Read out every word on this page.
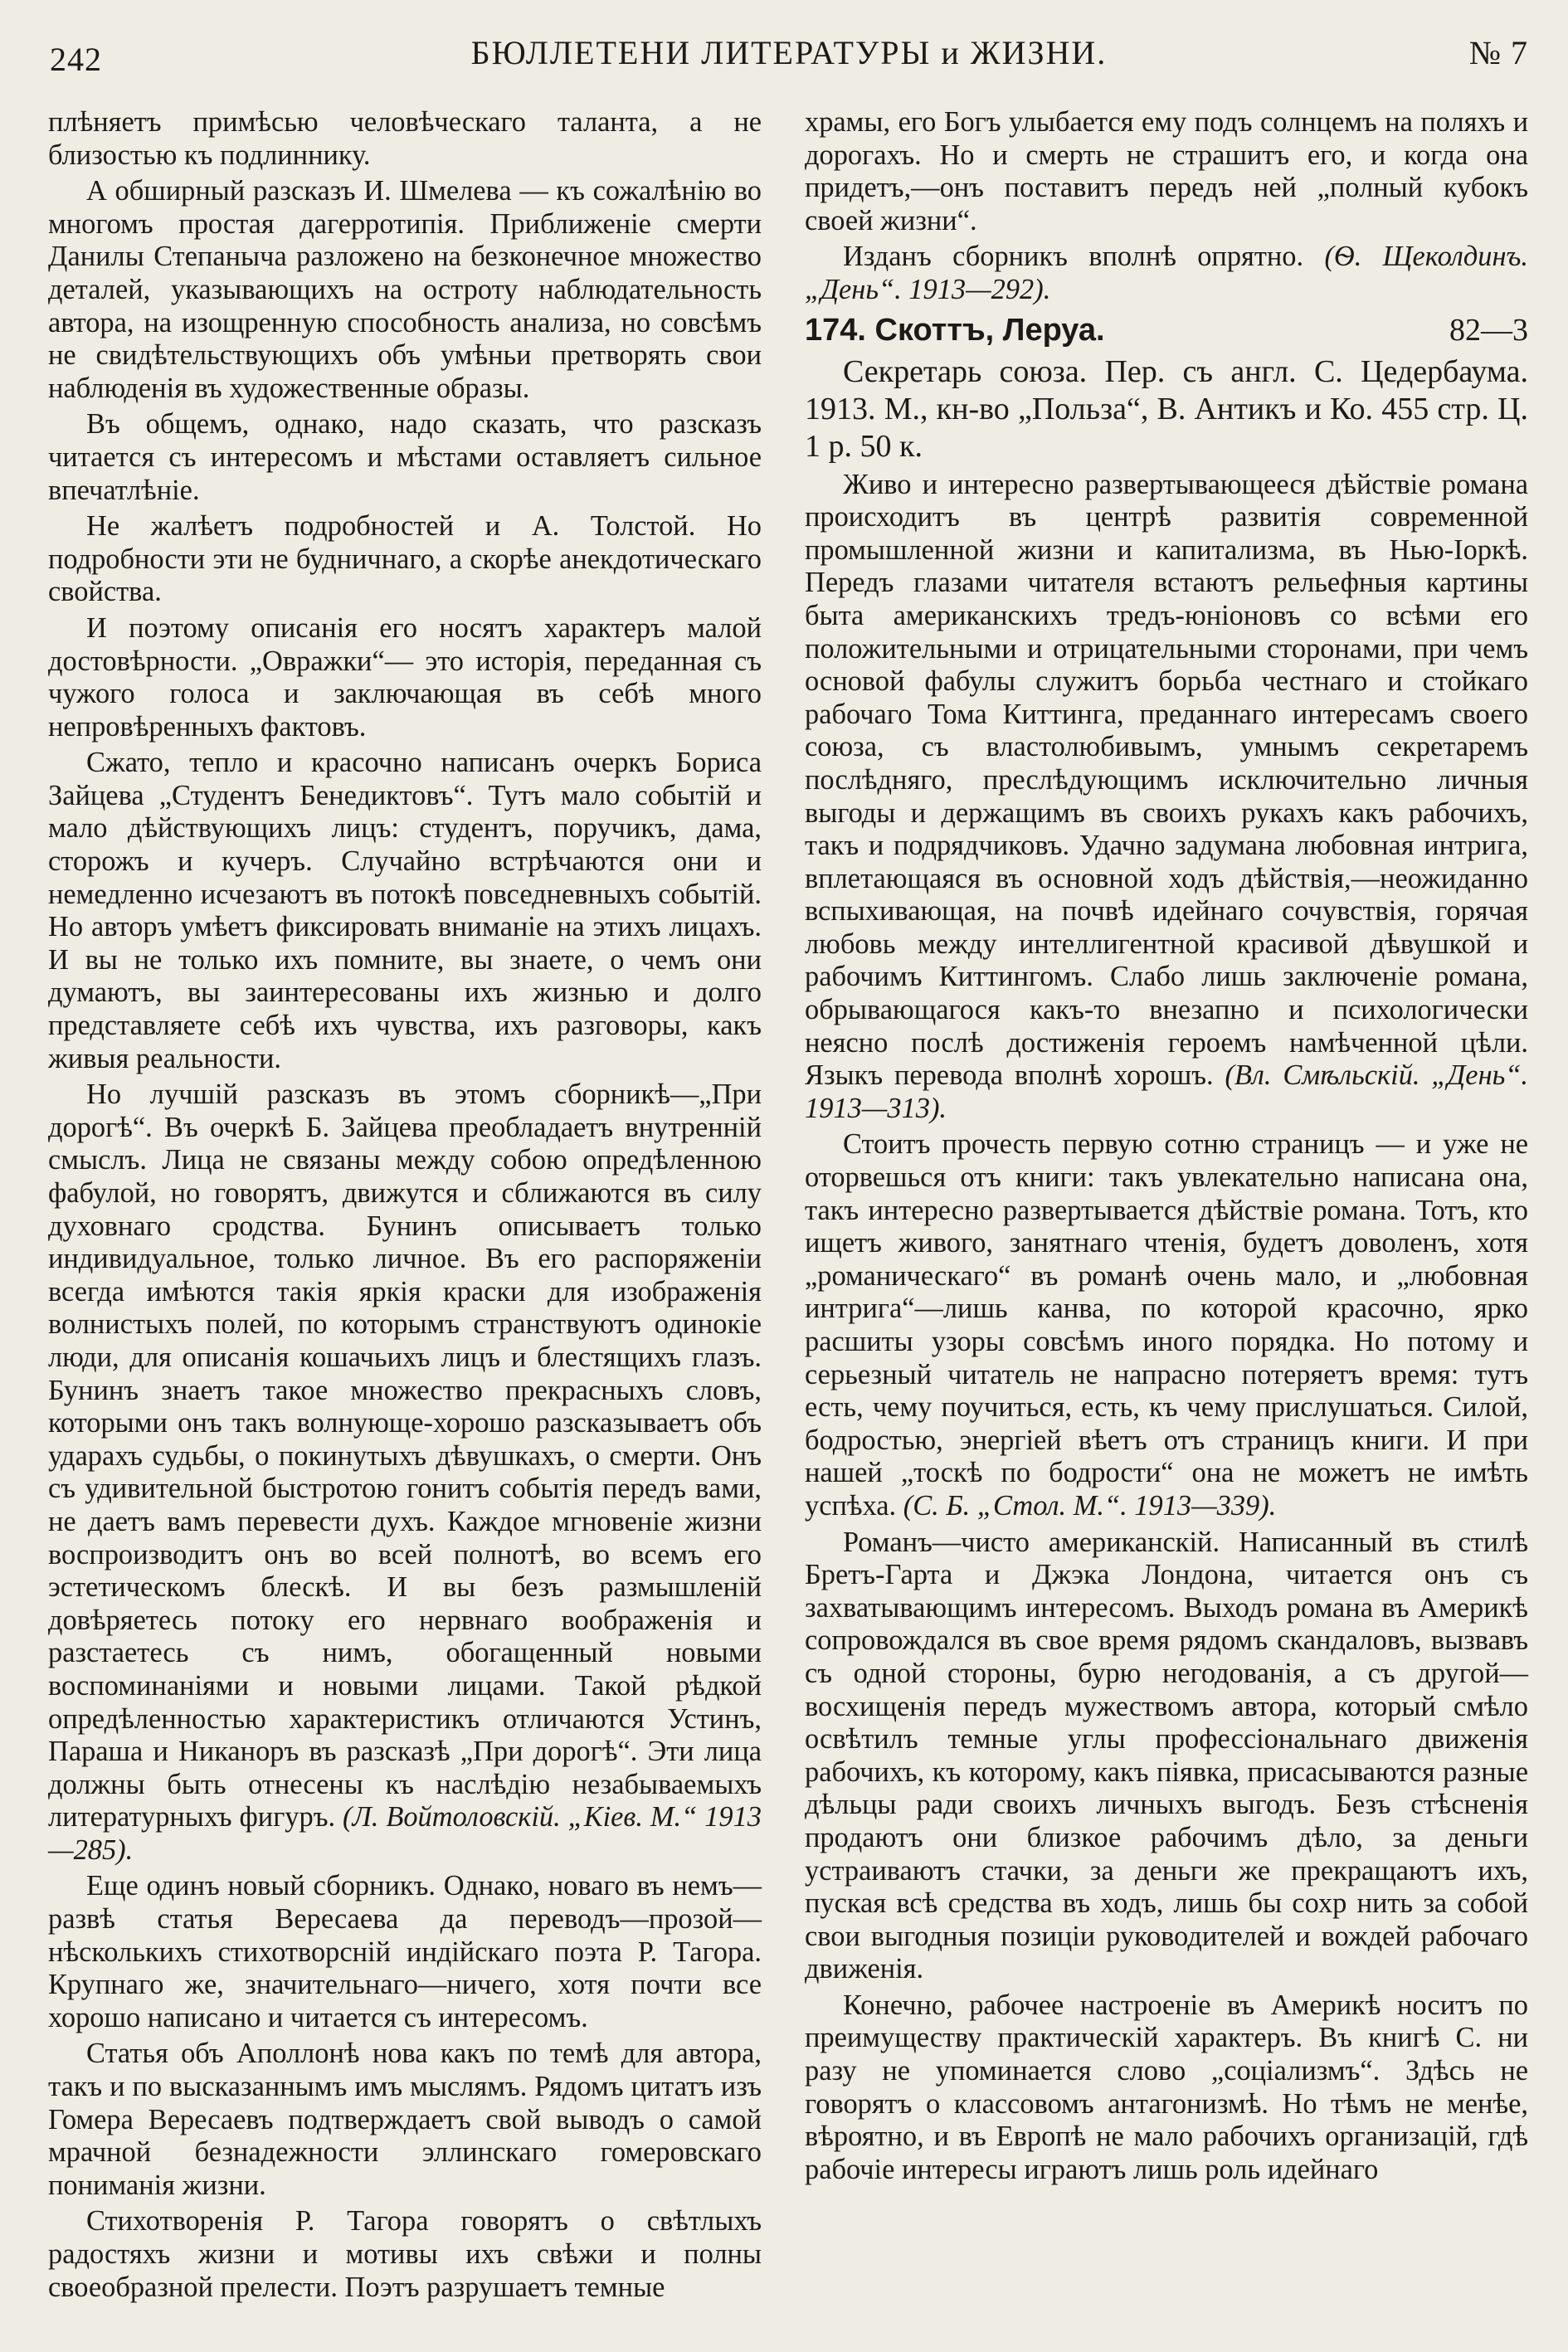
242	БЮЛЛЕТЕНИ ЛИТЕРАТУРЫ и ЖИЗНИ.	№ 7

плѣняетъ примѣсью человѣческаго таланта, а не близостью къ подлиннику.

А обширный разсказъ И. Шмелева — къ сожалѣнію во многомъ простая дагерротипія. Приближеніе смерти Данилы Степаныча разложено на безконечное множество деталей, указывающихъ на остроту наблюдательность автора, на изощренную способность анализа, но совсѣмъ не свидѣтельствующихъ объ умѣньи претворять свои наблюденія въ художественные образы.

Въ общемъ, однако, надо сказать, что разсказъ читается съ интересомъ и мѣстами оставляетъ сильное впечатлѣніе.

Не жалѣетъ подробностей и А. Толстой. Но подробности эти не будничнаго, а скорѣе анекдотическаго свойства.

И поэтому описанія его носятъ характеръ малой достовѣрности. „Овражки“— это исторія, переданная съ чужого голоса и заключающая въ себѣ много непровѣренныхъ фактовъ.

Сжато, тепло и красочно написанъ очеркъ Бориса Зайцева „Студентъ Бенедиктовъ“. Тутъ мало событій и мало дѣйствующихъ лицъ: студентъ, поручикъ, дама, сторожъ и кучеръ. Случайно встрѣчаются они и немедленно исчезаютъ въ потокѣ повседневныхъ событій. Но авторъ умѣетъ фиксировать вниманіе на этихъ лицахъ. И вы не только ихъ помните, вы знаете, о чемъ они думаютъ, вы заинтересованы ихъ жизнью и долго представляете себѣ ихъ чувства, ихъ разговоры, какъ живыя реальности.

Но лучшій разсказъ въ этомъ сборникѣ—„При дорогѣ“. Въ очеркѣ Б. Зайцева преобладаетъ внутренній смыслъ. Лица не связаны между собою опредѣленною фабулой, но говорятъ, движутся и сближаются въ силу духовнаго сродства. Бунинъ описываетъ только индивидуальное, только личное. Въ его распоряженіи всегда имѣются такія яркія краски для изображенія волнистыхъ полей, по которымъ странствуютъ одинокіе люди, для описанія кошачьихъ лицъ и блестящихъ глазъ. Бунинъ знаетъ такое множество прекрасныхъ словъ, которыми онъ такъ волнующе-хорошо разсказываетъ объ ударахъ судьбы, о покинутыхъ дѣвушкахъ, о смерти. Онъ съ удивительной быстротою гонитъ событія передъ вами, не даетъ вамъ перевести духъ. Каждое мгновеніе жизни воспроизводитъ онъ во всей полнотѣ, во всемъ его эстетическомъ блескѣ. И вы безъ размышленій довѣряетесь потоку его нервнаго воображенія и разстаетесь съ нимъ, обогащенный новыми воспоминаніями и новыми лицами. Такой рѣдкой опредѣленностью характеристикъ отличаются Устинъ, Параша и Никаноръ въ разсказѣ „При дорогѣ“. Эти лица должны быть отнесены къ наслѣдію незабываемыхъ литературныхъ фигуръ. (Л. Войтоловскій. „Кіев. М.“ 1913—285).

Еще одинъ новый сборникъ. Однако, новаго въ немъ—развѣ статья Вересаева да переводъ—прозой—нѣсколькихъ стихотворсній индійскаго поэта Р. Тагора. Крупнаго же, значительнаго—ничего, хотя почти все хорошо написано и читается съ интересомъ.

Статья объ Аполлонѣ нова какъ по темѣ для автора, такъ и по высказаннымъ имъ мыслямъ. Рядомъ цитатъ изъ Гомера Вересаевъ подтверждаетъ свой выводъ о самой мрачной безнадежности эллинскаго гомеровскаго пониманія жизни.

Стихотворенія Р. Тагора говорятъ о свѣтлыхъ радостяхъ жизни и мотивы ихъ свѣжи и полны своеобразной прелести. Поэтъ разрушаетъ темные

храмы, его Богъ улыбается ему подъ солнцемъ на поляхъ и дорогахъ. Но и смерть не страшитъ его, и когда она придетъ,—онъ поставитъ передъ ней „полный кубокъ своей жизни“.

Изданъ сборникъ вполнѣ опрятно. (Ѳ. Щеколдинъ. „День“. 1913—292).

174. Скоттъ, Леруа.	82—3

Секретарь союза. Пер. съ англ. С. Цедербаума. 1913. М., кн-во „Польза“, В. Антикъ и Ко. 455 стр. Ц. 1 р. 50 к.

Живо и интересно развертывающееся дѣйствіе романа происходитъ въ центрѣ развитія современной промышленной жизни и капитализма, въ Нью-Іоркѣ. Передъ глазами читателя встаютъ рельефныя картины быта американскихъ тредъ-юніоновъ со всѣми его положительными и отрицательными сторонами, при чемъ основой фабулы служитъ борьба честнаго и стойкаго рабочаго Тома Киттинга, преданнаго интересамъ своего союза, съ властолюбивымъ, умнымъ секретаремъ послѣдняго, преслѣдующимъ исключительно личныя выгоды и держащимъ въ своихъ рукахъ какъ рабочихъ, такъ и подрядчиковъ. Удачно задумана любовная интрига, вплетающаяся въ основной ходъ дѣйствія,—неожиданно вспыхивающая, на почвѣ идейнаго сочувствія, горячая любовь между интеллигентной красивой дѣвушкой и рабочимъ Киттингомъ. Слабо лишь заключеніе романа, обрывающагося какъ-то внезапно и психологически неясно послѣ достиженія героемъ намѣченной цѣли. Языкъ перевода вполнѣ хорошъ. (Вл. Смѣльскій. „День“. 1913—313).

Стоитъ прочесть первую сотню страницъ — и уже не оторвешься отъ книги: такъ увлекательно написана она, такъ интересно развертывается дѣйствіе романа. Тотъ, кто ищетъ живого, занятнаго чтенія, будетъ доволенъ, хотя „романическаго“ въ романѣ очень мало, и „любовная интрига“—лишь канва, по которой красочно, ярко расшиты узоры совсѣмъ иного порядка. Но потому и серьезный читатель не напрасно потеряетъ время: тутъ есть, чему поучиться, есть, къ чему прислушаться. Силой, бодростью, энергіей вѣетъ отъ страницъ книги. И при нашей „тоскѣ по бодрости“ она не можетъ не имѣть успѣха. (С. Б. „Стол. М.“. 1913—339).

Романъ—чисто американскій. Написанный въ стилѣ Бретъ-Гарта и Джэка Лондона, читается онъ съ захватывающимъ интересомъ. Выходъ романа въ Америкѣ сопровождался въ свое время рядомъ скандаловъ, вызвавъ съ одной стороны, бурю негодованія, а съ другой—восхищенія передъ мужествомъ автора, который смѣло освѣтилъ темные углы профессіональнаго движенія рабочихъ, къ которому, какъ піявка, присасываются разные дѣльцы ради своихъ личныхъ выгодъ. Безъ стѣсненія продаютъ они близкое рабочимъ дѣло, за деньги устраиваютъ стачки, за деньги же прекращаютъ ихъ, пуская всѣ средства въ ходъ, лишь бы сохр нить за собой свои выгодныя позиціи руководителей и вождей рабочаго движенія.

Конечно, рабочее настроеніе въ Америкѣ носитъ по преимуществу практическій характеръ. Въ книгѣ С. ни разу не упоминается слово „соціализмъ“. Здѣсь не говорятъ о классовомъ антагонизмѣ. Но тѣмъ не менѣе, вѣроятно, и въ Европѣ не мало рабочихъ организацій, гдѣ рабочіе интересы играютъ лишь роль идейнаго
